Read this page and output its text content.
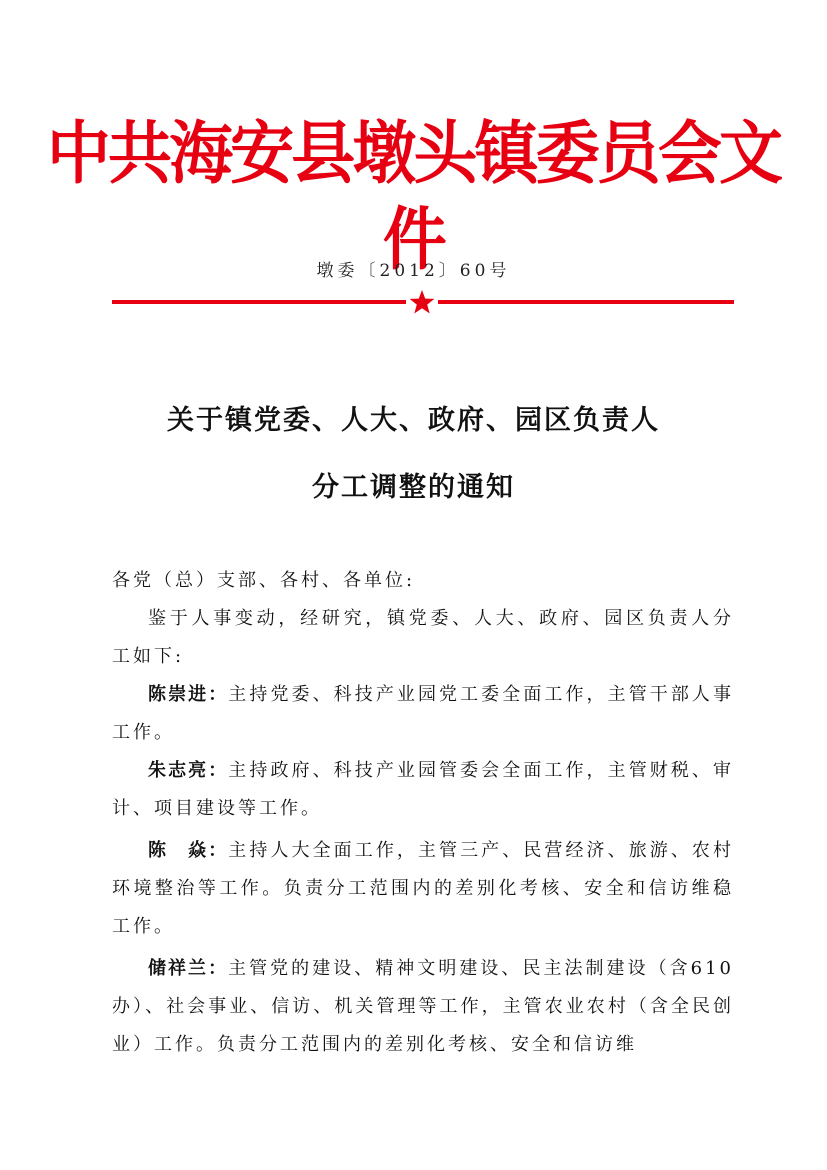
中共海安县墩头镇委员会文件
墩委〔2012〕60号
关于镇党委、人大、政府、园区负责人
分工调整的通知
各党（总）支部、各村、各单位:
鉴于人事变动，经研究，镇党委、人大、政府、园区负责人分工如下:
陈崇进：主持党委、科技产业园党工委全面工作，主管干部人事工作。
朱志亮：主持政府、科技产业园管委会全面工作，主管财税、审计、项目建设等工作。
陈　焱：主持人大全面工作，主管三产、民营经济、旅游、农村环境整治等工作。负责分工范围内的差别化考核、安全和信访维稳工作。
储祥兰：主管党的建设、精神文明建设、民主法制建设（含610办）、社会事业、信访、机关管理等工作，主管农业农村（含全民创业）工作。负责分工范围内的差别化考核、安全和信访维
